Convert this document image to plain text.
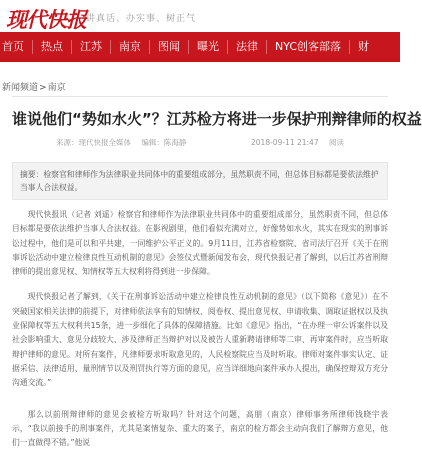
现代快报 讲真话、办实事、树正气
首页	热点	江苏	南京	图闻	曝光	法律	NYC创客部落	财
新闻频道>南京
谁说他们“势如水火”？江苏检方将进一步保护刑辩律师的权益
来源：现代快报全媒体 编辑：陈海静	2018-09-11 21:47 阅读
摘要：检察官和律师作为法律职业共同体中的重要组成部分，虽然职责不同，但总体目标都是要依法维护当事人合法权益。

现代快报讯（记者 刘遥）检察官和律师作为法律职业共同体中的重要组成部分，虽然职责不同，但总体目标都是要依法维护当事人合法权益。在影视剧里，他们看似充满对立，好像势如水火，其实在现实的刑事诉讼过程中，他们是可以和平共建，一同维护公平正义的。9月11日，江苏省检察院、省司法厅召开《关于在刑事诉讼活动中建立检律良性互动机制的意见》会签仪式暨新闻发布会，现代快报记者了解到，以后江苏省刑辩律师的提出意见权、知情权等五大权利将得到进一步保障。

现代快报记者了解到，《关于在刑事诉讼活动中建立检律良性互动机制的意见》（以下简称《意见》）在不突破国家相关法律的前提下，对律师依法享有的知情权、阅卷权、提出意见权、申请收集、调取证据权以及执业保障权等五大权利共15条，进一步细化了具体的保障措施。比如《意见》指出，“在办理一审公诉案件以及社会影响重大、意见分歧较大、涉及律师正当辩护对以及被告人重新聘请律师等二审、再审案件时，应当听取辩护律师的意见。对所有案件，凡律师要求听取意见的，人民检察院应当及时听取。律师对案件事实认定、证据采信、法律适用、量刑情节以及刑罚执行等方面的意见，应当详细地向案件承办人提出，确保控辩双方充分沟通交流。”

那么以前刑辩律师的意见会被检方听取吗？针对这个问题，高朋（南京）律师事务所律师钱晓宇表示，“我以前接手的刑事案件，尤其是案情复杂、重大的案子，南京的检方都会主动向我们了解辩方意见，他们一直做得不错。”他说
